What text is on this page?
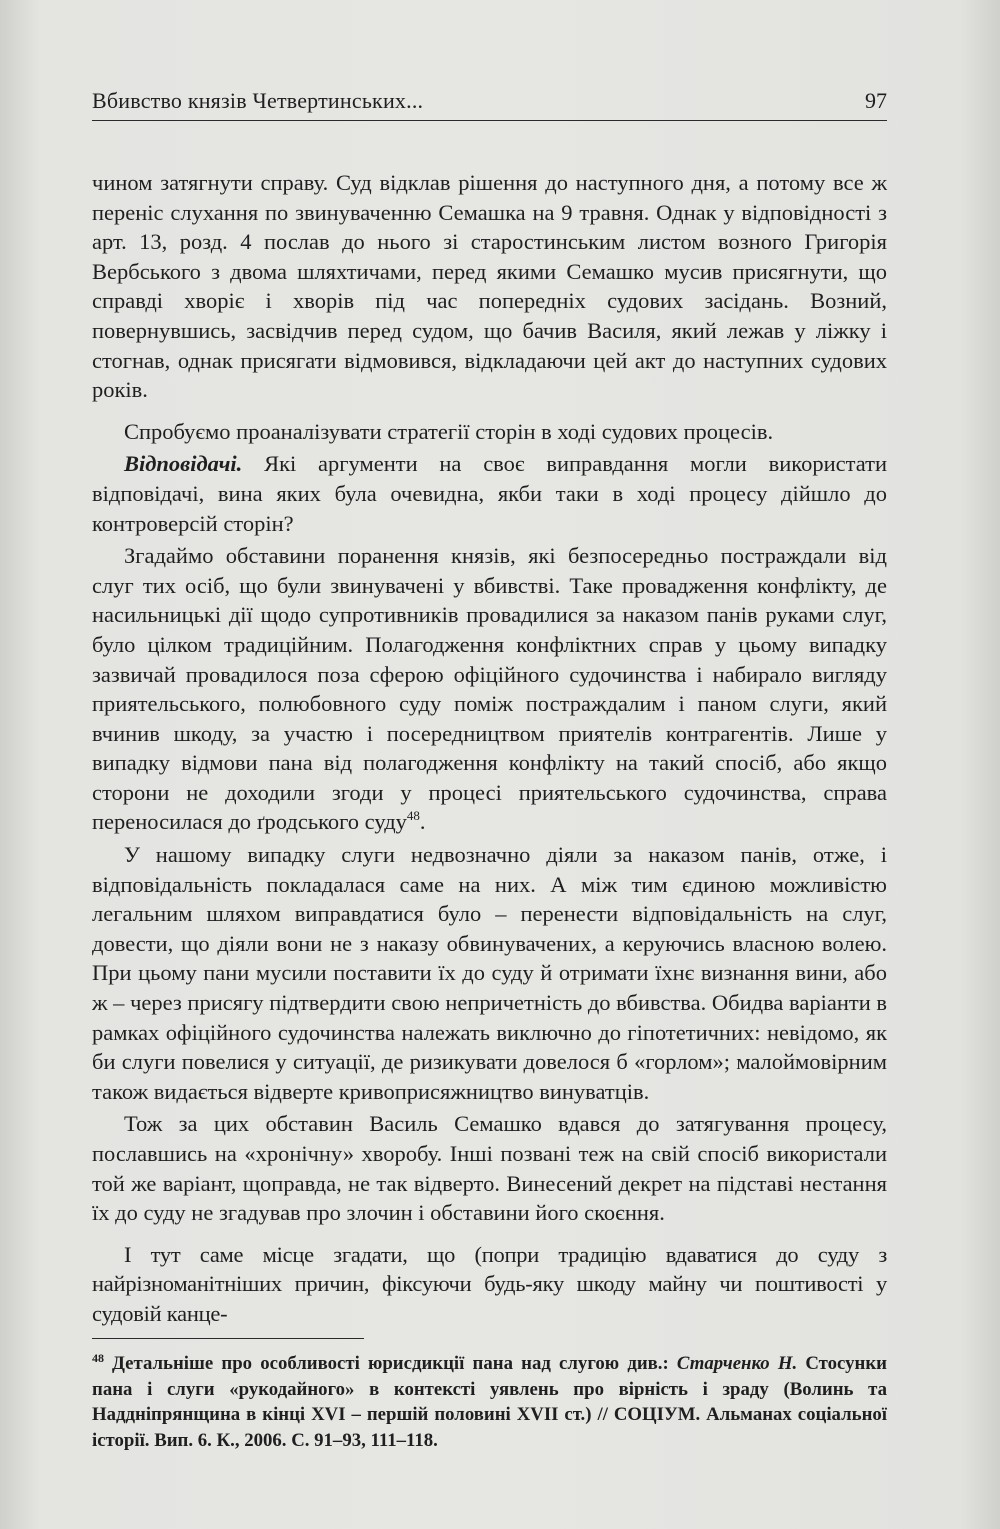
Вбивство князів Четвертинських...	97

чином затягнути справу. Суд відклав рішення до наступного дня, а потому все ж переніс слухання по звинуваченню Семашка на 9 травня. Однак у відповідності з арт. 13, розд. 4 послав до нього зі старостинським листом возного Григорія Вербського з двома шляхтичами, перед якими Семашко мусив присягнути, що справді хворіє і хворів під час попередніх судових засідань. Возний, повернувшись, засвідчив перед судом, що бачив Василя, який лежав у ліжку і стогнав, однак присягати відмовився, відкладаючи цей акт до наступних судових років.

Спробуємо проаналізувати стратегії сторін в ході судових процесів.

Відповідачі. Які аргументи на своє виправдання могли використати відповідачі, вина яких була очевидна, якби таки в ході процесу дійшло до контроверсій сторін?

Згадаймо обставини поранення князів, які безпосередньо постраждали від слуг тих осіб, що були звинувачені у вбивстві. Таке провадження конфлікту, де насильницькі дії щодо супротивників провадилися за наказом панів руками слуг, було цілком традиційним. Полагодження конфліктних справ у цьому випадку зазвичай провадилося поза сферою офіційного судочинства і набирало вигляду приятельського, полюбовного суду поміж постраждалим і паном слуги, який вчинив шкоду, за участю і посередництвом приятелів контрагентів. Лише у випадку відмови пана від полагодження конфлікту на такий спосіб, або якщо сторони не доходили згоди у процесі приятельського судочинства, справа переносилася до ґродського суду$^{48}$.

У нашому випадку слуги недвозначно діяли за наказом панів, отже, і відповідальність покладалася саме на них. А між тим єдиною можливістю легальним шляхом виправдатися було – перенести відповідальність на слуг, довести, що діяли вони не з наказу обвинувачених, а керуючись власною волею. При цьому пани мусили поставити їх до суду й отримати їхнє визнання вини, або ж – через присягу підтвердити свою непричетність до вбивства. Обидва варіанти в рамках офіційного судочинства належать виключно до гіпотетичних: невідомо, як би слуги повелися у ситуації, де ризикувати довелося б «горлом»; малоймовірним також видається відверте кривоприсяжництво винуватців.

Тож за цих обставин Василь Семашко вдався до затягування процесу, пославшись на «хронічну» хворобу. Інші позвані теж на свій спосіб використали той же варіант, щоправда, не так відверто. Винесений декрет на підставі нестання їх до суду не згадував про злочин і обставини його скоєння.

І тут саме місце згадати, що (попри традицію вдаватися до суду з найрізноманітніших причин, фіксуючи будь-яку шкоду майну чи поштивості у судовій канце-

$^{48}$ Детальніше про особливості юрисдикції пана над слугою див.: Старченко Н. Стосунки пана і слуги «рукодайного» в контексті уявлень про вірність і зраду (Волинь та Наддніпрянщина в кінці XVI – першій половині XVII ст.) // СОЦІУМ. Альманах соціальної історії. Вип. 6. К., 2006. С. 91–93, 111–118.
